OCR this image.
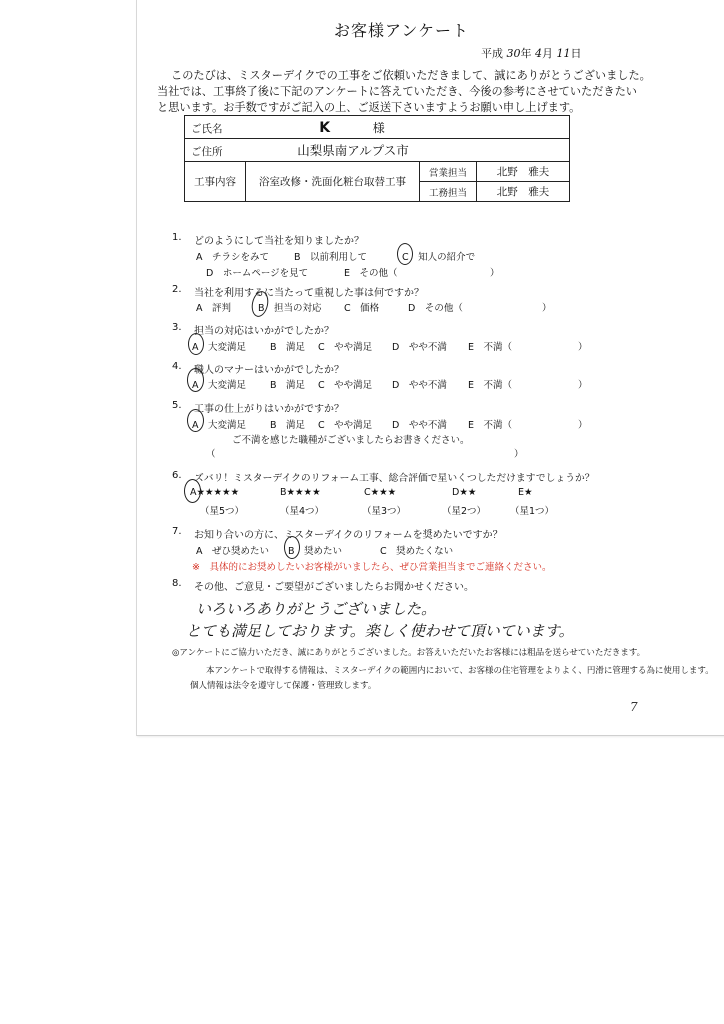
お客様アンケート
平成 30年 4月 11日
このたびは、ミスターデイクでの工事をご依頼いただきまして、誠にありがとうございました。
当社では、工事終了後に下記のアンケートに答えていただき、今後の参考にさせていただきたい
と思います。お手数ですがご記入の上、ご返送下さいますようお願い申し上げます。
ご氏名 K 様			
ご住所 山梨県南アルプス市			
工事内容	浴室改修・洗面化粧台取替工事	営業担当	北野　雅夫
		工務担当	北野　雅夫
1. どのようにして当社を知りましたか？
A　チラシをみて	B　以前利用して	C　知人の紹介で
D　ホームページを見て	E　その他（	）
2. 当社を利用するに当たって重視した事は何ですか？
A　評判	B　担当の対応 C　価格	D　その他（	）
3. 担当の対応はいかがでしたか？
A　大変満足	B　満足 C　やや満足 D　やや不満 E　不満（	）
4. 職人のマナーはいかがでしたか？
A　大変満足	B　満足 C　やや満足 D　やや不満 E　不満（	）
5. 工事の仕上がりはいかがですか？
A　大変満足	B　満足 C　やや満足 D　やや不満 E　不満（	）
ご不満を感じた職種がございましたらお書きください。
（	）
6. ズバリ！ミスターデイクのリフォーム工事、総合評価で星いくつしただけますでしょうか？
A★★★★★	B★★★★	C★★★	D★★	E★
（星5つ）	（星4つ）	（星3つ）	（星2つ）	（星1つ）
7. お知り合いの方に、ミスターデイクのリフォームを奨めたいですか？
A　ぜひ奨めたい B　奨めたい	C　奨めたくない
※　具体的にお奨めしたいお客様がいましたら、ぜひ営業担当までご連絡ください。
8. その他、ご意見・ご要望がございましたらお聞かせください。
いろいろありがとうございました。
とても満足しております。楽しく使わせて頂いています。
◎アンケートにご協力いただき、誠にありがとうございました。お答えいただいたお客様には粗品を送らせていただきます。
本アンケートで取得する情報は、ミスターデイクの範囲内において、お客様の住宅管理をよりよく、円滑に管理する為に使用します。
個人情報は法令を遵守して保護・管理致します。
7
